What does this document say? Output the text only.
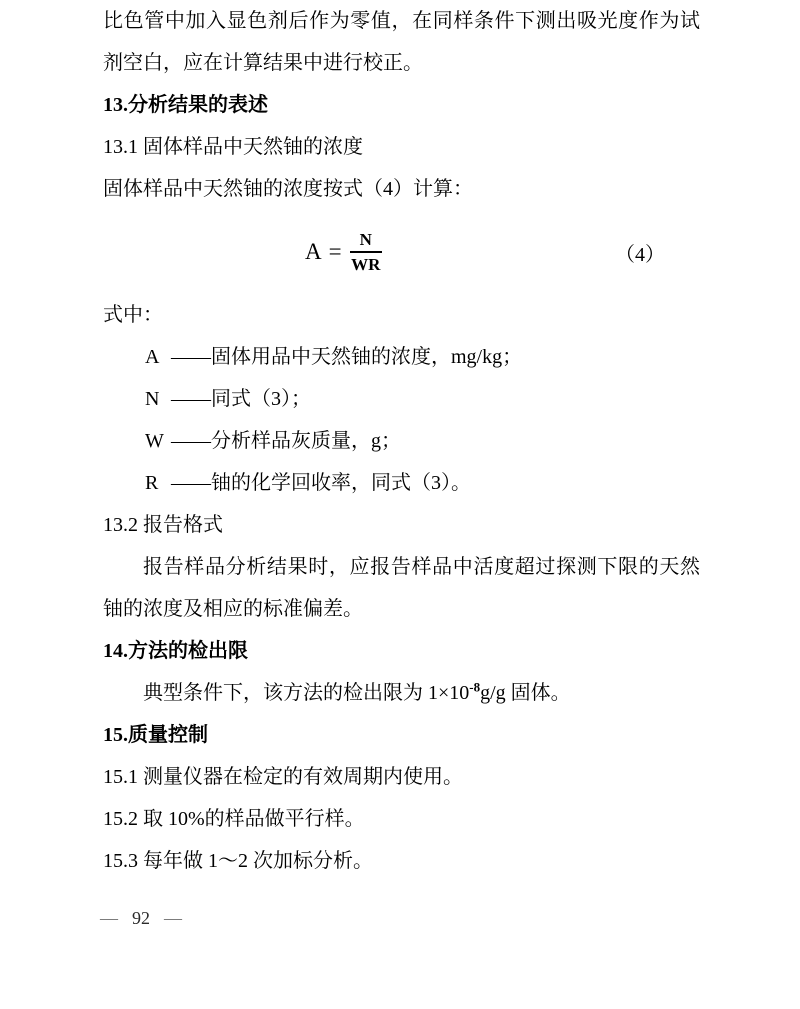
比色管中加入显色剂后作为零值，在同样条件下测出吸光度作为试剂空白，应在计算结果中进行校正。

13.分析结果的表述

13.1 固体样品中天然铀的浓度

固体样品中天然铀的浓度按式（4）计算：

$A = \frac{N}{WR}$	（4）

式中：

A ——固体用品中天然铀的浓度，mg/kg；

N ——同式（3）；

W ——分析样品灰质量，g；

R ——铀的化学回收率，同式（3）。

13.2 报告格式

报告样品分析结果时，应报告样品中活度超过探测下限的天然铀的浓度及相应的标准偏差。

14.方法的检出限

典型条件下，该方法的检出限为 $1\times 10^{-8}g/g$ 固体。

15.质量控制

15.1 测量仪器在检定的有效周期内使用。

15.2 取 10%的样品做平行样。

15.3 每年做 1～2 次加标分析。

— 92 —
